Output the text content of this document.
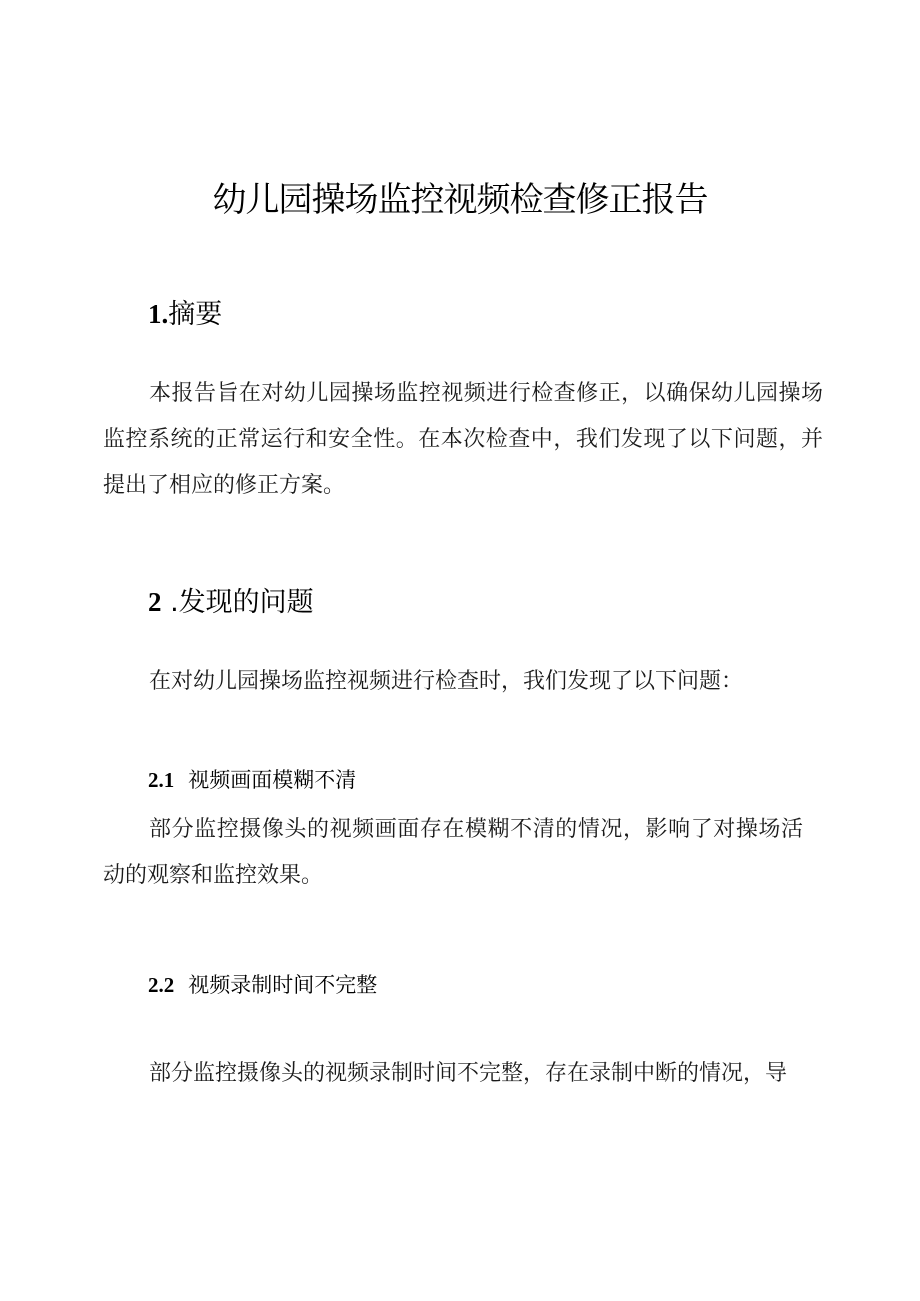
幼儿园操场监控视频检查修正报告
1.摘要

本报告旨在对幼儿园操场监控视频进行检查修正，以确保幼儿园操场监控系统的正常运行和安全性。在本次检查中，我们发现了以下问题，并提出了相应的修正方案。

2 .发现的问题

在对幼儿园操场监控视频进行检查时，我们发现了以下问题：

2.1 视频画面模糊不清

部分监控摄像头的视频画面存在模糊不清的情况，影响了对操场活动的观察和监控效果。

2.2 视频录制时间不完整

部分监控摄像头的视频录制时间不完整，存在录制中断的情况，导
